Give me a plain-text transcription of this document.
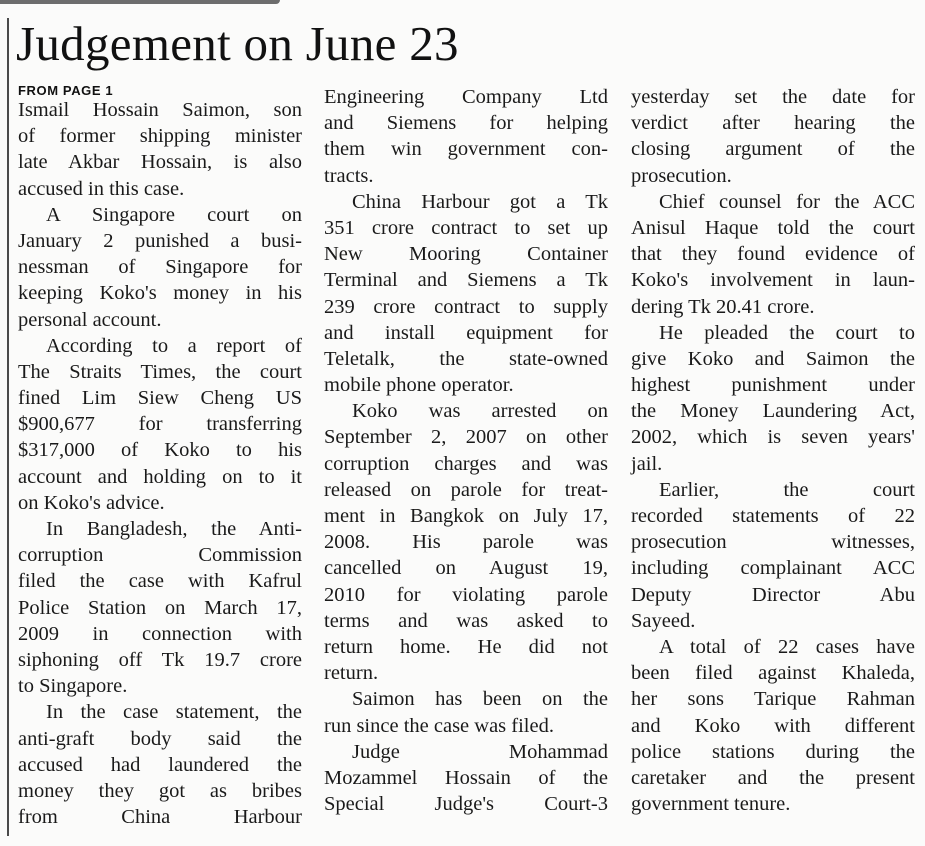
Judgement on June 23
FROM PAGE 1
Ismail Hossain Saimon, son
of former shipping minister
late Akbar Hossain, is also
accused in this case.
A Singapore court on
January 2 punished a busi-
nessman of Singapore for
keeping Koko's money in his
personal account.
According to a report of
The Straits Times, the court
fined Lim Siew Cheng US
$900,677 for transferring
$317,000 of Koko to his
account and holding on to it
on Koko's advice.
In Bangladesh, the Anti-
corruption Commission
filed the case with Kafrul
Police Station on March 17,
2009 in connection with
siphoning off Tk 19.7 crore
to Singapore.
In the case statement, the
anti-graft body said the
accused had laundered the
money they got as bribes
from China Harbour
Engineering Company Ltd
and Siemens for helping
them win government con-
tracts.
China Harbour got a Tk
351 crore contract to set up
New Mooring Container
Terminal and Siemens a Tk
239 crore contract to supply
and install equipment for
Teletalk, the state-owned
mobile phone operator.
Koko was arrested on
September 2, 2007 on other
corruption charges and was
released on parole for treat-
ment in Bangkok on July 17,
2008. His parole was
cancelled on August 19,
2010 for violating parole
terms and was asked to
return home. He did not
return.
Saimon has been on the
run since the case was filed.
Judge Mohammad
Mozammel Hossain of the
Special Judge's Court-3
yesterday set the date for
verdict after hearing the
closing argument of the
prosecution.
Chief counsel for the ACC
Anisul Haque told the court
that they found evidence of
Koko's involvement in laun-
dering Tk 20.41 crore.
He pleaded the court to
give Koko and Saimon the
highest punishment under
the Money Laundering Act,
2002, which is seven years'
jail.
Earlier, the court
recorded statements of 22
prosecution witnesses,
including complainant ACC
Deputy Director Abu
Sayeed.
A total of 22 cases have
been filed against Khaleda,
her sons Tarique Rahman
and Koko with different
police stations during the
caretaker and the present
government tenure.
